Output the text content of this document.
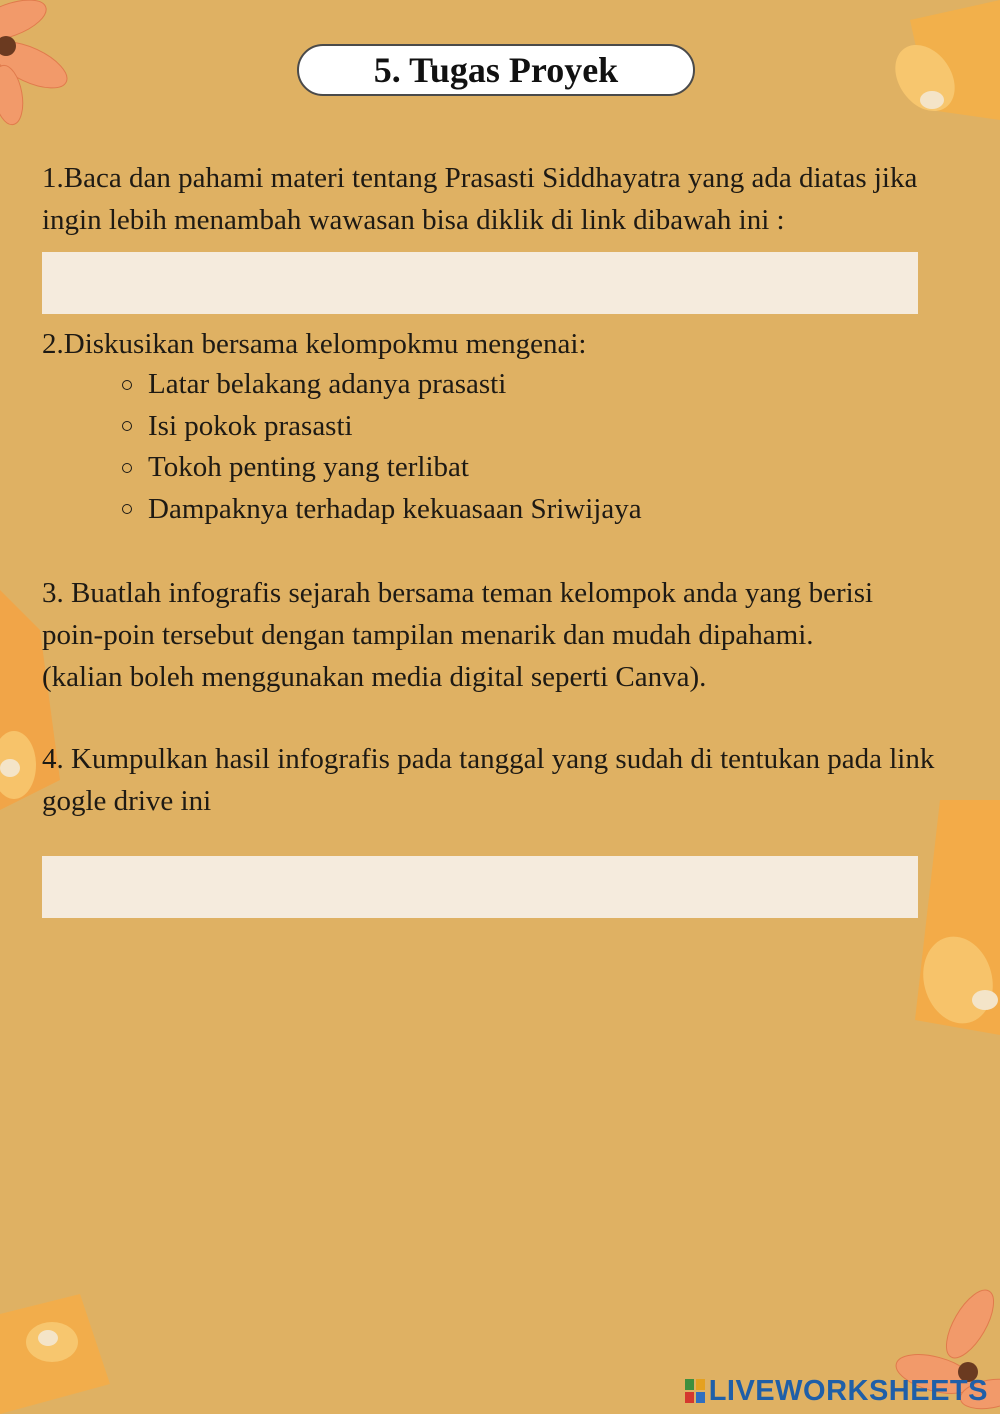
5. Tugas Proyek

1.Baca dan pahami materi tentang Prasasti Siddhayatra yang ada diatas jika ingin lebih menambah wawasan bisa diklik di link dibawah ini :

2.Diskusikan bersama kelompokmu mengenai:

Latar belakang adanya prasasti
Isi pokok prasasti
Tokoh penting yang terlibat
Dampaknya terhadap kekuasaan Sriwijaya

3. Buatlah infografis sejarah bersama teman kelompok anda yang berisi

poin-poin tersebut dengan tampilan menarik dan mudah dipahami.

(kalian boleh menggunakan media digital seperti Canva).

4. Kumpulkan hasil infografis pada tanggal yang sudah di tentukan pada link gogle drive ini

LIVEWORKSHEETS
